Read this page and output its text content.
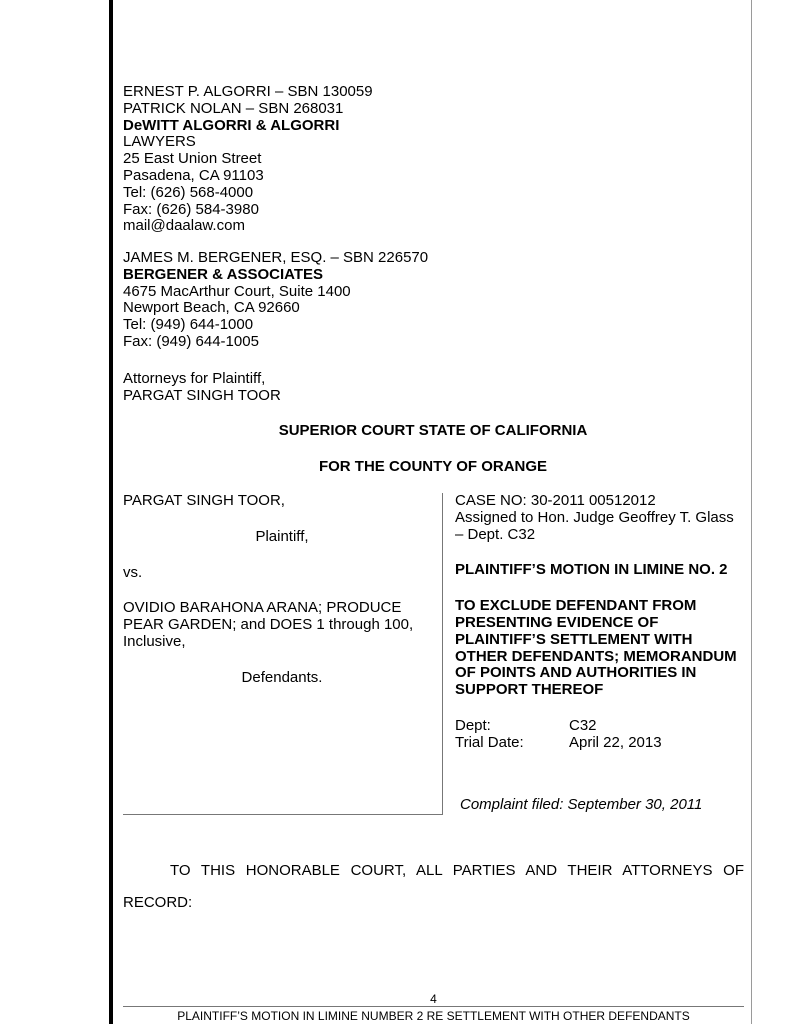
ERNEST P. ALGORRI – SBN 130059
PATRICK NOLAN – SBN 268031
DeWITT ALGORRI & ALGORRI
LAWYERS
25 East Union Street
Pasadena, CA 91103
Tel: (626) 568-4000
Fax: (626) 584-3980
mail@daalaw.com
JAMES M. BERGENER, ESQ. – SBN 226570
BERGENER & ASSOCIATES
4675 MacArthur Court, Suite 1400
Newport Beach, CA 92660
Tel: (949) 644-1000
Fax: (949) 644-1005
Attorneys for Plaintiff,
PARGAT SINGH TOOR
SUPERIOR COURT STATE OF CALIFORNIA
FOR THE COUNTY OF ORANGE
PARGAT SINGH TOOR,
Plaintiff,
vs.
OVIDIO BARAHONA ARANA; PRODUCE
PEAR GARDEN; and DOES 1 through 100,
Inclusive,
Defendants.
CASE NO: 30-2011 00512012
Assigned to Hon. Judge Geoffrey T. Glass
– Dept. C32
PLAINTIFF’S MOTION IN LIMINE NO. 2
TO EXCLUDE DEFENDANT FROM
PRESENTING EVIDENCE OF
PLAINTIFF’S SETTLEMENT WITH
OTHER DEFENDANTS; MEMORANDUM
OF POINTS AND AUTHORITIES IN
SUPPORT THEREOF
Dept:	C32
Trial Date:	April 22, 2013
Complaint filed: September 30, 2011
TO THIS HONORABLE COURT, ALL PARTIES AND THEIR ATTORNEYS OF RECORD:
4
PLAINTIFF’S MOTION IN LIMINE NUMBER 2 RE SETTLEMENT WITH OTHER DEFENDANTS
